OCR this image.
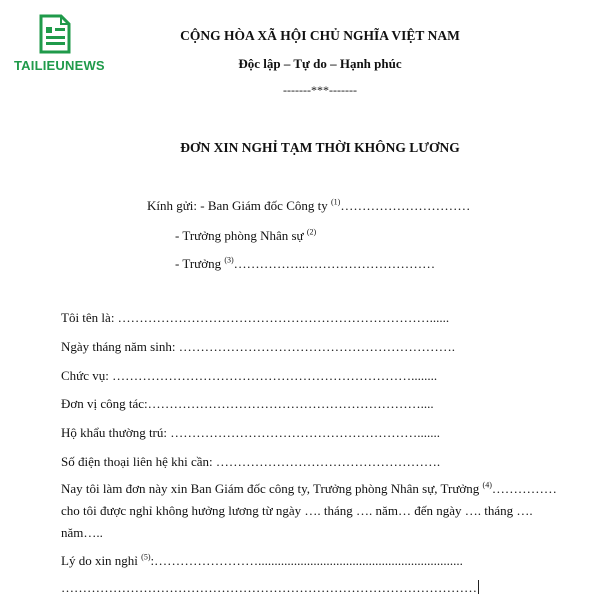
TAILIEUNEWS
CỘNG HÒA XÃ HỘI CHỦ NGHĨA VIỆT NAM
Độc lập – Tự do – Hạnh phúc
-------***-------
ĐƠN XIN NGHỈ TẠM THỜI KHÔNG LƯƠNG
Kính gửi: - Ban Giám đốc Công ty $^{(1)}$…………………………
- Trưởng phòng Nhân sự $^{(2)}$
- Trưởng $^{(3)}$……………..…………………………
Tôi tên là: ………………………………………………………………......
Ngày tháng năm sinh: ……………………………………………………….
Chức vụ: ……………………………………………………………........
Đơn vị công tác:………………………………………………………....
Hộ khẩu thường trú: ………………………………………………….......
Số điện thoại liên hệ khi cần: …………………………………………….
Nay tôi làm đơn này xin Ban Giám đốc công ty, Trưởng phòng Nhân sự, Trưởng $^{(4)}$……………
cho tôi được nghỉ không hưởng lương từ ngày …. tháng …. năm… đến ngày …. tháng ….
năm…..
Lý do xin nghỉ $^{(5)}$:……………………...............................................................
……………………………………………………………………………………
